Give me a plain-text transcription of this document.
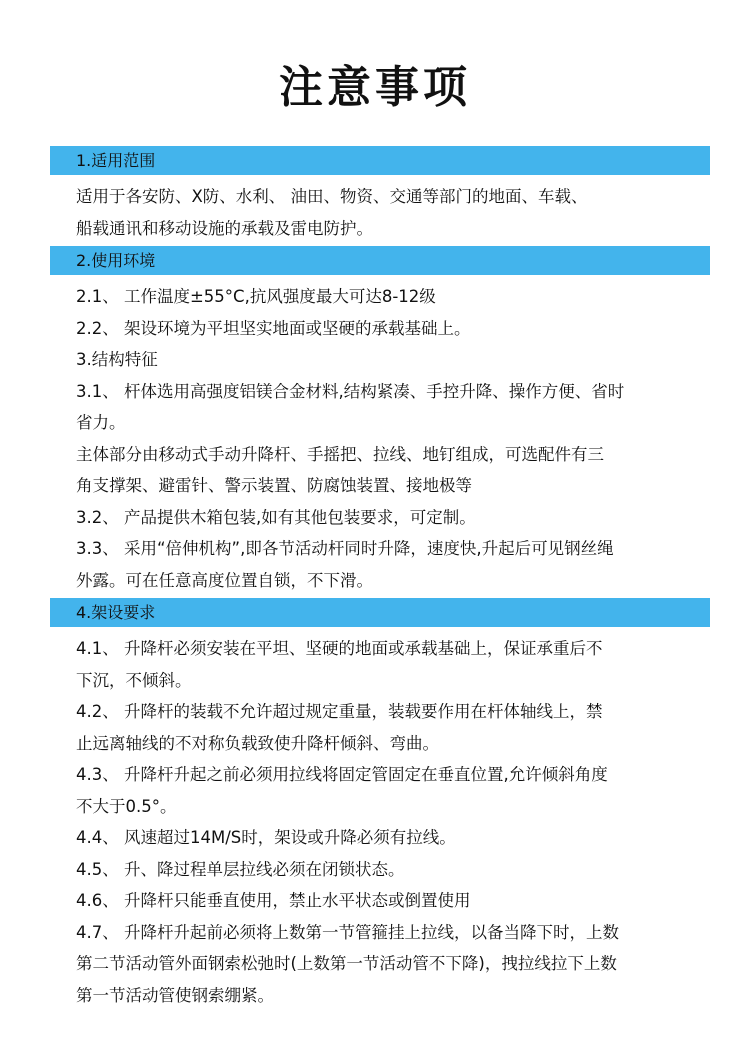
注意事项
1.适用范围

适用于各安防、X防、水利、 油田、物资、交通等部门的地面、车载、

船载通讯和移动设施的承载及雷电防护。

2.使用环境

2.1、 工作温度±55°C,抗风强度最大可达8-12级

2.2、 架设环境为平坦坚实地面或坚硬的承载基础上。

3.结构特征

3.1、 杆体选用高强度铝镁合金材料,结构紧凑、手控升降、操作方便、省时

省力。

主体部分由移动式手动升降杆、手摇把、拉线、地钉组成，可选配件有三

角支撑架、避雷针、警示装置、防腐蚀装置、接地极等

3.2、 产品提供木箱包装,如有其他包装要求，可定制。

3.3、 采用“倍伸机构”,即各节活动杆同时升降，速度快,升起后可见钢丝绳

外露。可在任意高度位置自锁，不下滑。

4.架设要求

4.1、 升降杆必须安装在平坦、坚硬的地面或承载基础上，保证承重后不

下沉，不倾斜。

4.2、 升降杆的装载不允许超过规定重量，装载要作用在杆体轴线上，禁

止远离轴线的不对称负载致使升降杆倾斜、弯曲。

4.3、 升降杆升起之前必须用拉线将固定管固定在垂直位置,允许倾斜角度

不大于0.5°。

4.4、 风速超过14M/S时，架设或升降必须有拉线。

4.5、 升、降过程单层拉线必须在闭锁状态。

4.6、 升降杆只能垂直使用，禁止水平状态或倒置使用

4.7、 升降杆升起前必须将上数第一节管箍挂上拉线，以备当降下时，上数

第二节活动管外面钢索松弛时(上数第一节活动管不下降)，拽拉线拉下上数

第一节活动管使钢索绷紧。
